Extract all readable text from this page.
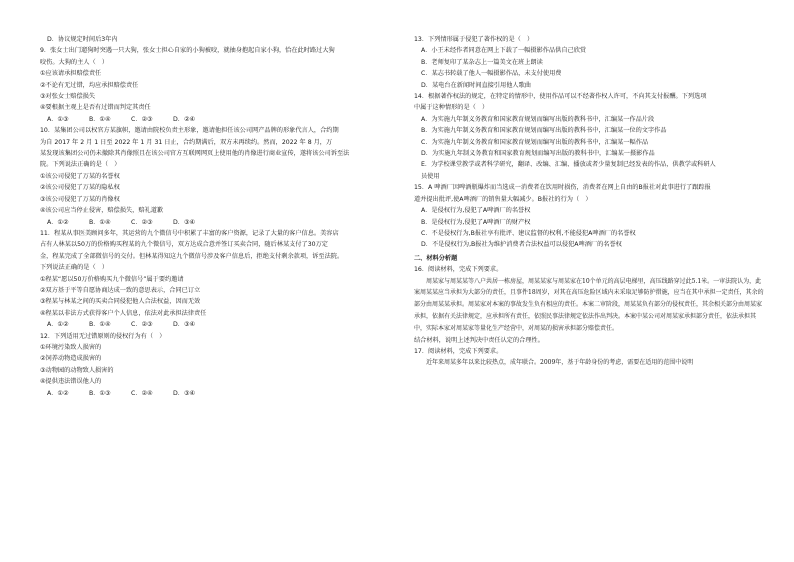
D．协议规定时间后3年内
9．张女士出门遛狗时突遇一只大狗，张女士担心自家的小狗被咬，就抽身抱起自家小狗，恰在此时路过大狗
咬伤。大狗的主人（　）
①应该请承担赔偿责任
②不论有无过错，均应承担赔偿责任
③对张女士赔偿损失
④要根据主观上是否有过错而判定其责任
A．①③	B．①④	C．②③	D．②④
10．某集团公司以权官方某旗帜，邀请由院校负责主形象，邀请他担任该公司网产品牌的形象代言人，合约期
为自 2017 年 2 月 1 日至 2022 年 1 月 31 日止，合约期满后，双方未再续约。然而，2022 年 8 月，万
某发现该集团公司仍未撤除其肖像照且在该公司官方互联网网页上使用他的肖像进行商业宣传，遂将该公司诉至法
院。下列说法正确的是（　）
①该公司侵犯了万某的名誉权
②该公司侵犯了万某的隐私权
③该公司侵犯了万某的肖像权
④该公司应当停止侵害，赔偿损失，赔礼道歉
A．①②	B．①④	C．②③	D．③④
11．程某从事医美顾问多年，其运营的九个微信号中积累了丰富的客户资源，记录了大量的客户信息。美容店
占有人林某以50万的价格购买程某的九个微信号，双方达成合意并签订买卖合同，随后林某支付了30万定
金，程某完成了全部微信号的交付。但林某得知这九个微信号涉及客户信息后，拒绝支付剩余款项，诉至法院。
下列说法正确的是（　）
①程某“愿以50万价格购买九个微信号”属于要约邀请
②双方基于平等自愿协商达成一致的意思表示，合同已订立
③程某与林某之间的买卖合同侵犯他人合法权益，因而无效
④程某以非法方式获得客户个人信息，依法对此承担法律责任
A．①②	B．①④	C．②③	D．③④
12．下列适用无过错原则的侵权行为有（　）
①环境污染致人损害的
②饲养动物造成损害的
③动物园的动物致人损害的
④提供违法错误他人的
A．①②	B．①③	C．②④	D．③④
13．下列情形属于侵犯了著作权的是（　）
A．小王未经作者同意在网上下载了一幅摄影作品供自己欣赏
B．老师复印了某杂志上一篇美文在班上朗读
C．某志书转载了他人一幅摄影作品，未支付使用费
D．某电台在新闻时间直接引用他人歌曲
14．根据著作权法的规定，在特定的情形中，使用作品可以不经著作权人许可，不向其支付报酬。下列选项
中属于这种情形的是（　）
A．为实施九年制义务教育和国家教育规划而编写出版的教科书中，汇编某一作品片段
B．为实施九年制义务教育和国家教育规划而编写出版的教科书中，汇编某一位的文字作品
C．为实施九年制义务教育和国家教育规划而编写出版的教科书中，汇编某一幅作品
D．为实施九年制义务教育和国家教育规划而编写出版的教科书中，汇编某一摄影作品
E．为学校课堂教学或者科学研究，翻译、改编、汇编、播放或者少量复制已经发表的作品，供教学或科研人
员使用
15．A 啤酒厂因啤酒瓶爆炸而当选成一消费者在饮用时损伤，消费者在网上自由的B报社对此事进行了跟踪报
道并提出批评,使A啤酒厂的销售量大幅减少。B报社的行为（　）
A．是侵权行为,侵犯了A啤酒厂的名誉权
B．是侵权行为,侵犯了A啤酒厂的财产权
C．不是侵权行为,B报社享有批评、建议监督的权利,不能侵犯A啤酒厂的名誉权
D．不是侵权行为,B报社为维护消费者合法权益可以侵犯A啤酒厂的名誉权
二、材料分析题
16．阅读材料，完成下列要求。
周某家与周某某等八户共居一栋房屋，周某某家与周某家在10个单元的高层电梯里，高压线路穿过此5.1米。一审法院认为，此案周某某应当承担为大部分的责任，且事件18周岁，对其在高压危险区域内未采取足够防护措施，应当在其中承担一定责任，其余的部分由周某某承担。周某家对本案的事故发生负有相应的责任。本案二审阶段，周某某负有部分的侵权责任，其余相关部分由周某家承担，依据有关法律规定，应承担所有责任，依照民事法律规定依法作出判决。本案中某公司对周某家承担部分责任，依法承担其中，实际本家对周某家等量化生产经营中，对周某的损害承担部分赔偿责任。
结合材料，说明上述判决中责任认定的合理性。
17．阅读材料，完成下列要求。
近年来周某多年以来比较热点，成年联合。2009年，基于年龄身份的考虑，需要在适用的范围中说明
